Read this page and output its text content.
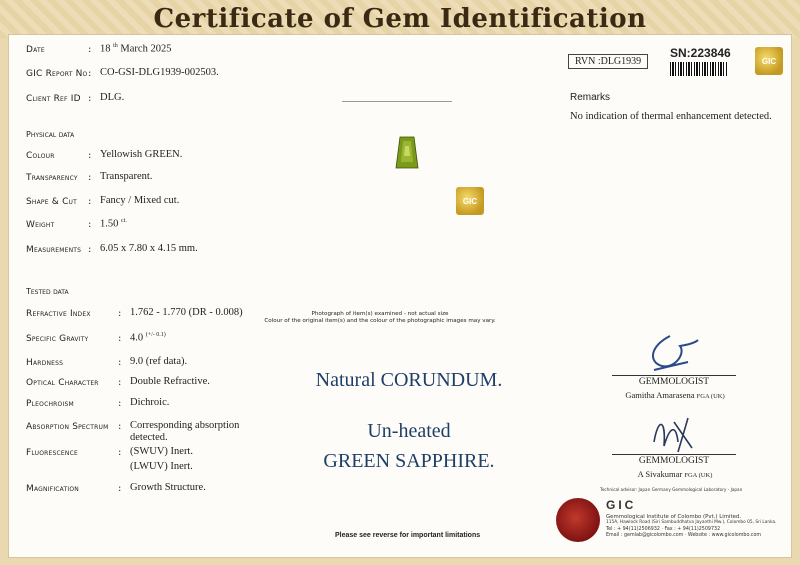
Certificate of Gem Identification
Date	: 18 $^{th}$ March 2025
GIC Report No : CO-GSI-DLG1939-002503.
Client Ref ID : DLG.
Physical data
Colour	: Yellowish GREEN.
Transparency : Transparent.
Shape & Cut : Fancy / Mixed cut.
Weight	: 1.50 $^{ct.}$
Measurements : 6.05 x 7.80 x 4.15 mm.
Tested data
Refractive Index	: 1.762 - 1.770 (DR - 0.008)
Specific Gravity	: 4.0 $^{(+/- 0.1)}$
Hardness	: 9.0 (ref data).
Optical Character : Double Refractive.
Pleochroism	: Dichroic.
Absorption Spectrum : Corresponding absorption
detected.
Fluorescence	: (SWUV) Inert.
(LWUV) Inert.
Magnification	: Growth Structure.
GIC
Photograph of item(s) examined - not actual size
Colour of the original item(s) and the colour of the photographic images may vary.
Natural CORUNDUM.
Un-heated
GREEN SAPPHIRE.
RVN :DLG1939
SN:223846
GIC
Remarks
No indication of thermal enhancement detected.
GEMMOLOGIST
Gamitha Amarasena FGA (UK)
GEMMOLOGIST
A Sivakumar FGA (UK)
Technical advisor: Japan Germany Gemmological Laboratory - Japan
GIC
Gemmological Institute of Colombo (Pvt.) Limited.
115A, Hawlock Road (Siri Sambuddhatva Jayanthi Mw.), Colombo 05, Sri Lanka.
Tel : + 94(11)2506932 · Fax : + 94(11)2509732
Email : gemlab@gicolombo.com · Website : www.gicolombo.com
Please see reverse for important limitations
